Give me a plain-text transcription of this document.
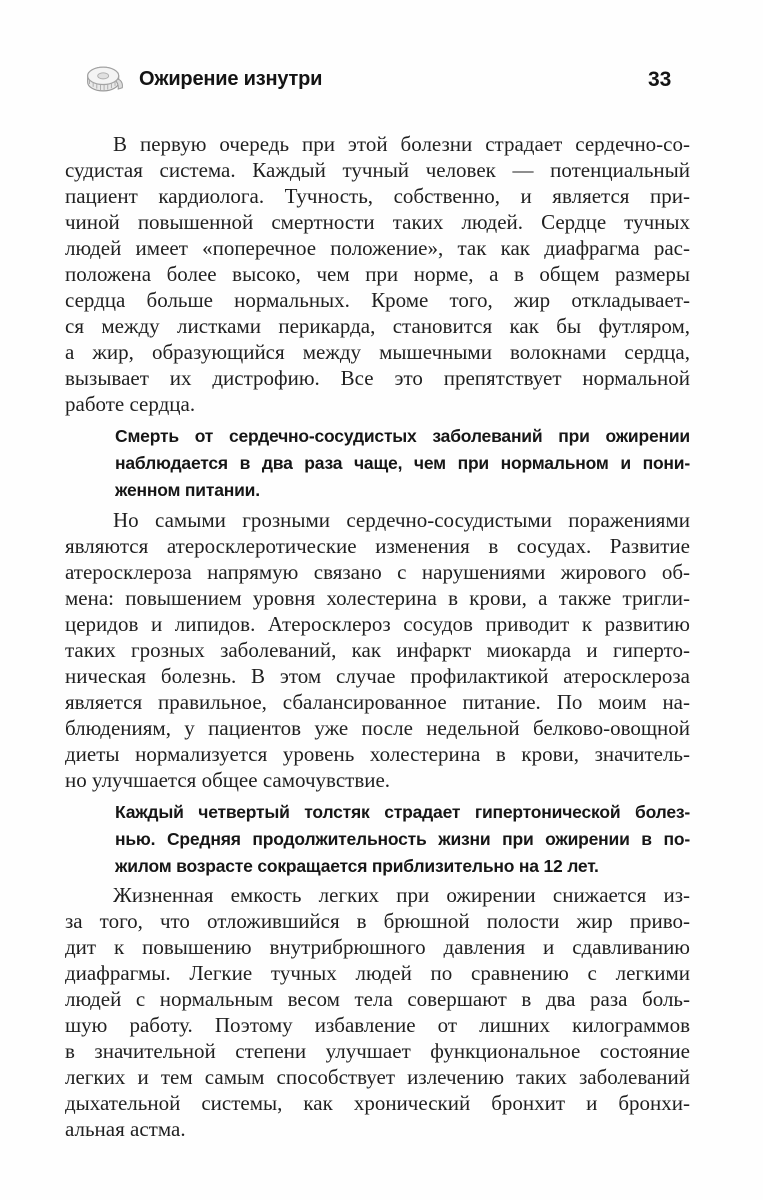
Ожирение изнутри	33
В первую очередь при этой болезни страдает сердечно-со-
судистая система. Каждый тучный человек — потенциальный
пациент кардиолога. Тучность, собственно, и является при-
чиной повышенной смертности таких людей. Сердце тучных
людей имеет «поперечное положение», так как диафрагма рас-
положена более высоко, чем при норме, а в общем размеры
сердца больше нормальных. Кроме того, жир откладывает-
ся между листками перикарда, становится как бы футляром,
а жир, образующийся между мышечными волокнами сердца,
вызывает их дистрофию. Все это препятствует нормальной
работе сердца.
Смерть от сердечно-сосудистых заболеваний при ожирении
наблюдается в два раза чаще, чем при нормальном и пони-
женном питании.
Но самыми грозными сердечно-сосудистыми поражениями
являются атеросклеротические изменения в сосудах. Развитие
атеросклероза напрямую связано с нарушениями жирового об-
мена: повышением уровня холестерина в крови, а также тригли-
церидов и липидов. Атеросклероз сосудов приводит к развитию
таких грозных заболеваний, как инфаркт миокарда и гиперто-
ническая болезнь. В этом случае профилактикой атеросклероза
является правильное, сбалансированное питание. По моим на-
блюдениям, у пациентов уже после недельной белково-овощной
диеты нормализуется уровень холестерина в крови, значитель-
но улучшается общее самочувствие.
Каждый четвертый толстяк страдает гипертонической болез-
нью. Средняя продолжительность жизни при ожирении в по-
жилом возрасте сокращается приблизительно на 12 лет.
Жизненная емкость легких при ожирении снижается из-
за того, что отложившийся в брюшной полости жир приво-
дит к повышению внутрибрюшного давления и сдавливанию
диафрагмы. Легкие тучных людей по сравнению с легкими
людей с нормальным весом тела совершают в два раза боль-
шую работу. Поэтому избавление от лишних килограммов
в значительной степени улучшает функциональное состояние
легких и тем самым способствует излечению таких заболеваний
дыхательной системы, как хронический бронхит и бронхи-
альная астма.
